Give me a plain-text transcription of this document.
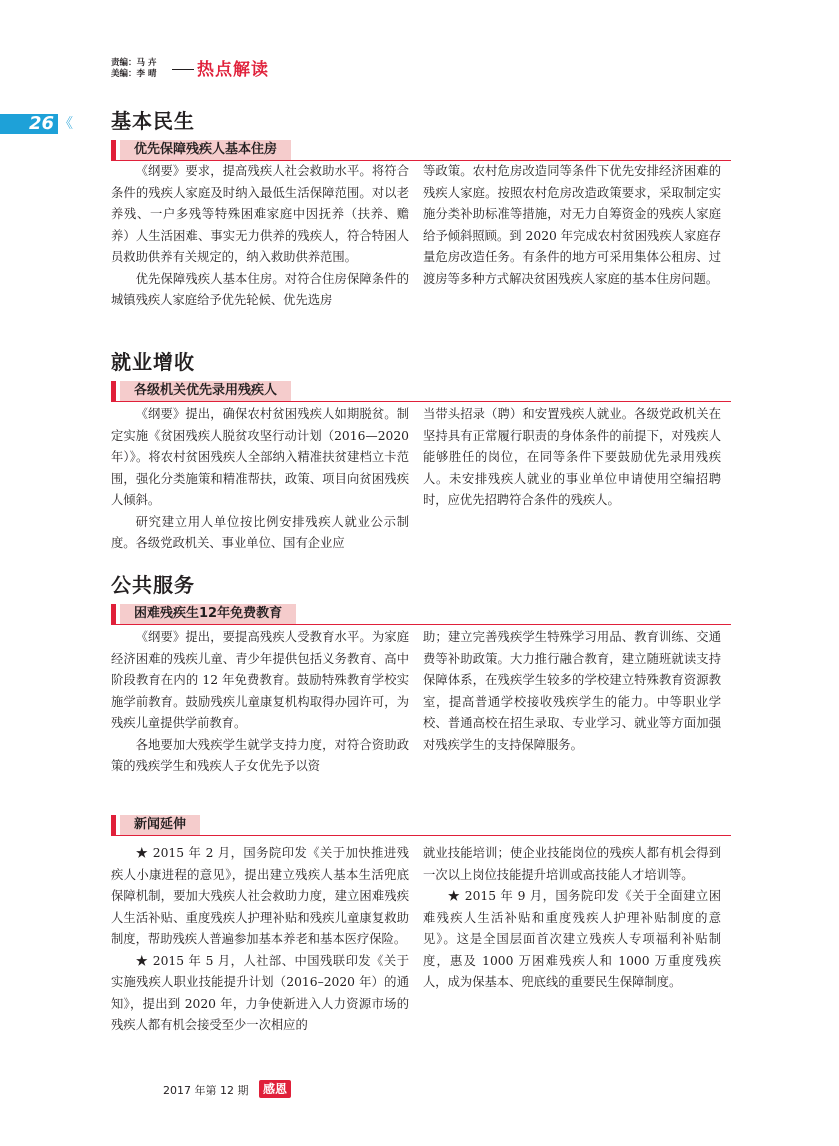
责编：马 卉
美编：李 晴	热点解读
26 《 基本民生
优先保障残疾人基本住房

《纲要》要求，提高残疾人社会救助水平。将符合条件的残疾人家庭及时纳入最低生活保障范围。对以老养残、一户多残等特殊困难家庭中因抚养（扶养、赡养）人生活困难、事实无力供养的残疾人，符合特困人员救助供养有关规定的，纳入救助供养范围。

优先保障残疾人基本住房。对符合住房保障条件的城镇残疾人家庭给予优先轮候、优先选房

等政策。农村危房改造同等条件下优先安排经济困难的残疾人家庭。按照农村危房改造政策要求，采取制定实施分类补助标准等措施，对无力自筹资金的残疾人家庭给予倾斜照顾。到 2020 年完成农村贫困残疾人家庭存量危房改造任务。有条件的地方可采用集体公租房、过渡房等多种方式解决贫困残疾人家庭的基本住房问题。

就业增收
各级机关优先录用残疾人

《纲要》提出，确保农村贫困残疾人如期脱贫。制定实施《贫困残疾人脱贫攻坚行动计划（2016—2020 年）》。将农村贫困残疾人全部纳入精准扶贫建档立卡范围，强化分类施策和精准帮扶，政策、项目向贫困残疾人倾斜。

研究建立用人单位按比例安排残疾人就业公示制度。各级党政机关、事业单位、国有企业应

当带头招录（聘）和安置残疾人就业。各级党政机关在坚持具有正常履行职责的身体条件的前提下，对残疾人能够胜任的岗位，在同等条件下要鼓励优先录用残疾人。未安排残疾人就业的事业单位申请使用空编招聘时，应优先招聘符合条件的残疾人。

公共服务
困难残疾生12年免费教育

《纲要》提出，要提高残疾人受教育水平。为家庭经济困难的残疾儿童、青少年提供包括义务教育、高中阶段教育在内的 12 年免费教育。鼓励特殊教育学校实施学前教育。鼓励残疾儿童康复机构取得办园许可，为残疾儿童提供学前教育。

各地要加大残疾学生就学支持力度，对符合资助政策的残疾学生和残疾人子女优先予以资

助；建立完善残疾学生特殊学习用品、教育训练、交通费等补助政策。大力推行融合教育，建立随班就读支持保障体系，在残疾学生较多的学校建立特殊教育资源教室，提高普通学校接收残疾学生的能力。中等职业学校、普通高校在招生录取、专业学习、就业等方面加强对残疾学生的支持保障服务。

新闻延伸

★ 2015 年 2 月，国务院印发《关于加快推进残疾人小康进程的意见》，提出建立残疾人基本生活兜底保障机制，要加大残疾人社会救助力度，建立困难残疾人生活补贴、重度残疾人护理补贴和残疾儿童康复救助制度，帮助残疾人普遍参加基本养老和基本医疗保险。

★ 2015 年 5 月，人社部、中国残联印发《关于实施残疾人职业技能提升计划（2016–2020 年）的通知》，提出到 2020 年，力争使新进入人力资源市场的残疾人都有机会接受至少一次相应的

就业技能培训；使企业技能岗位的残疾人都有机会得到一次以上岗位技能提升培训或高技能人才培训等。

★ 2015 年 9 月，国务院印发《关于全面建立困难残疾人生活补贴和重度残疾人护理补贴制度的意见》。这是全国层面首次建立残疾人专项福利补贴制度，惠及 1000 万困难残疾人和 1000 万重度残疾人，成为保基本、兜底线的重要民生保障制度。

2017 年第 12 期	感恩
